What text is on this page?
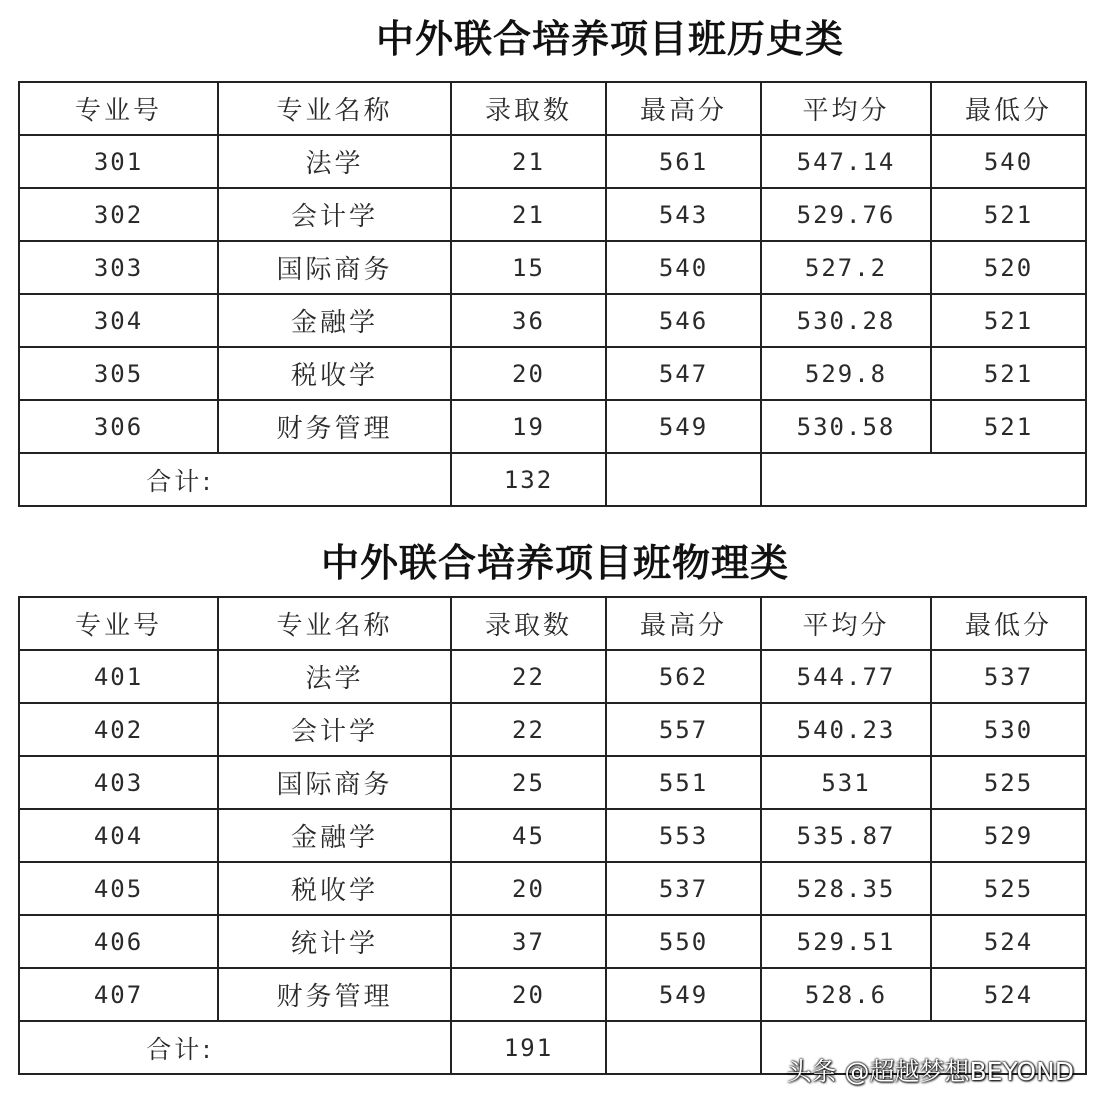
中外联合培养项目班历史类
专业号	专业名称	录取数	最高分	平均分	最低分
301	法学	21	561	547.14	540
302	会计学	21	543	529.76	521
303	国际商务	15	540	527.2	520
304	金融学	36	546	530.28	521
305	税收学	20	547	529.8	521
306	财务管理	19	549	530.58	521
合计:		132			
中外联合培养项目班物理类
专业号	专业名称	录取数	最高分	平均分	最低分
401	法学	22	562	544.77	537
402	会计学	22	557	540.23	530
403	国际商务	25	551	531	525
404	金融学	45	553	535.87	529
405	税收学	20	537	528.35	525
406	统计学	37	550	529.51	524
407	财务管理	20	549	528.6	524
合计:		191			
头条 @超越梦想BEYOND
